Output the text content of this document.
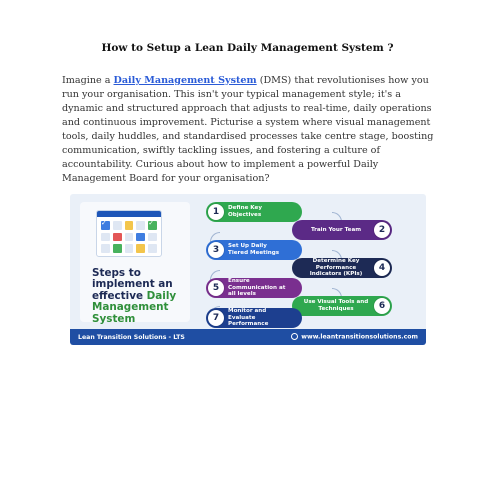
How to Setup a Lean Daily Management System ?
Imagine a Daily Management System (DMS) that revolutionises how you run your organisation. This isn't your typical management style; it's a dynamic and structured approach that adjusts to real-time, daily operations and continuous improvement. Picturise a system where visual management tools, daily huddles, and standardised processes take centre stage, boosting communication, swiftly tackling issues, and fostering a culture of accountability. Curious about how to implement a powerful Daily Management Board for your organisation?
✓	✓
Steps to
implement an
effective Daily
Management
System
1	Define Key Objectives
Train Your Team	2
3	Set Up Daily Tiered Meetings
Determine Key Performance Indicators (KPIs)
4
5
Ensure Communication at all levels
Use Visual Tools and Techniques	6
7
Monitor and Evaluate Performance
Lean Transition Solutions - LTS	www.leantransitionsolutions.com
